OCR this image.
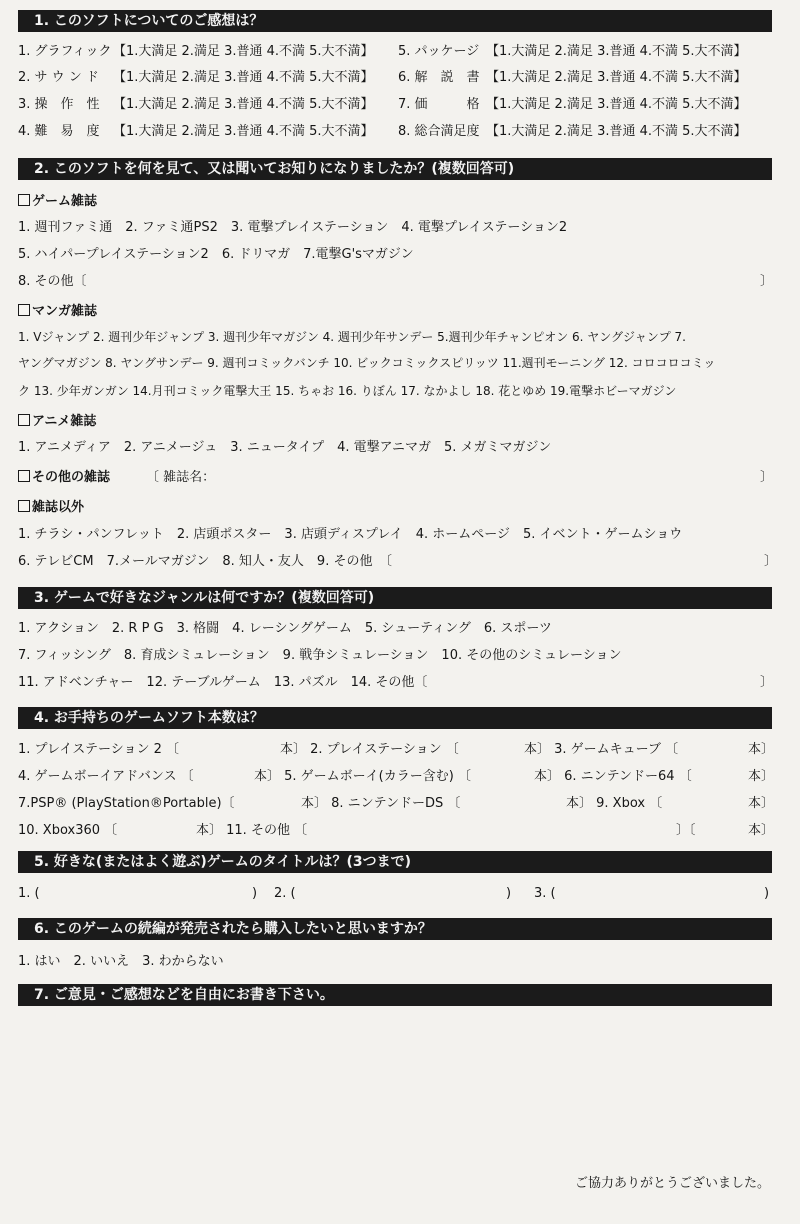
1. このソフトについてのご感想は？
1. グラフィック 【1.大満足 2.満足 3.普通 4.不満 5.大不満】 5. パッケージ 【1.大満足 2.満足 3.普通 4.不満 5.大不満】
2. サ ウ ン ド 【1.大満足 2.満足 3.普通 4.不満 5.大不満】 6. 解　説　書 【1.大満足 2.満足 3.普通 4.不満 5.大不満】
3. 操　作　性 【1.大満足 2.満足 3.普通 4.不満 5.大不満】 7. 価　　　格 【1.大満足 2.満足 3.普通 4.不満 5.大不満】
4. 難　易　度 【1.大満足 2.満足 3.普通 4.不満 5.大不満】 8. 総合満足度 【1.大満足 2.満足 3.普通 4.不満 5.大不満】
2. このソフトを何を見て、又は聞いてお知りになりましたか？(複数回答可)
ゲーム雑誌
1. 週刊ファミ通　2. ファミ通PS2　3. 電撃プレイステーション　4. 電撃プレイステーション2
5. ハイパープレイステーション2　6. ドリマガ　7.電撃G'sマガジン
8. その他〔	〕
マンガ雑誌
1. Vジャンプ 2. 週刊少年ジャンプ 3. 週刊少年マガジン 4. 週刊少年サンデー 5.週刊少年チャンピオン 6. ヤングジャンプ 7.
ヤングマガジン 8. ヤングサンデー 9. 週刊コミックバンチ 10. ビックコミックスピリッツ 11.週刊モーニング 12. コロコロコミッ
ク 13. 少年ガンガン 14.月刊コミック電撃大王 15. ちゃお 16. りぼん 17. なかよし 18. 花とゆめ 19.電撃ホビーマガジン
アニメ雑誌
1. アニメディア　2. アニメージュ　3. ニュータイプ　4. 電撃アニマガ　5. メガミマガジン
その他の雑誌	〔 雑誌名：	〕
雑誌以外
1. チラシ・パンフレット　2. 店頭ポスター　3. 店頭ディスプレイ　4. ホームページ　5. イベント・ゲームショウ
6. テレビCM　7.メールマガジン　8. 知人・友人　9. その他　〔	〕
3. ゲームで好きなジャンルは何ですか？(複数回答可)
1. アクション　2. R P G　3. 格闘　4. レーシングゲーム　5. シューティング　6. スポーツ
7. フィッシング　8. 育成シミュレーション　9. 戦争シミュレーション　10. その他のシミュレーション
11. アドベンチャー　12. テーブルゲーム　13. パズル　14. その他〔	〕
4. お手持ちのゲームソフト本数は？
1. プレイステーション 2 〔	本〕 2. プレイステーション 〔	本〕 3. ゲームキューブ 〔	本〕
4. ゲームボーイアドバンス 〔	本〕 5. ゲームボーイ(カラー含む) 〔	本〕 6. ニンテンドー64 〔	本〕
7.PSP® (PlayStation®Portable)〔	本〕 8. ニンテンドーDS 〔	本〕 9. Xbox 〔	本〕
10. Xbox360 〔	本〕 11. その他 〔	〕〔	本〕
5. 好きな(またはよく遊ぶ)ゲームのタイトルは？(3つまで)
1. (	) 2. (	) 3. (	)
6. このゲームの続編が発売されたら購入したいと思いますか？
1. はい　2. いいえ　3. わからない
7. ご意見・ご感想などを自由にお書き下さい。
ご協力ありがとうございました。
